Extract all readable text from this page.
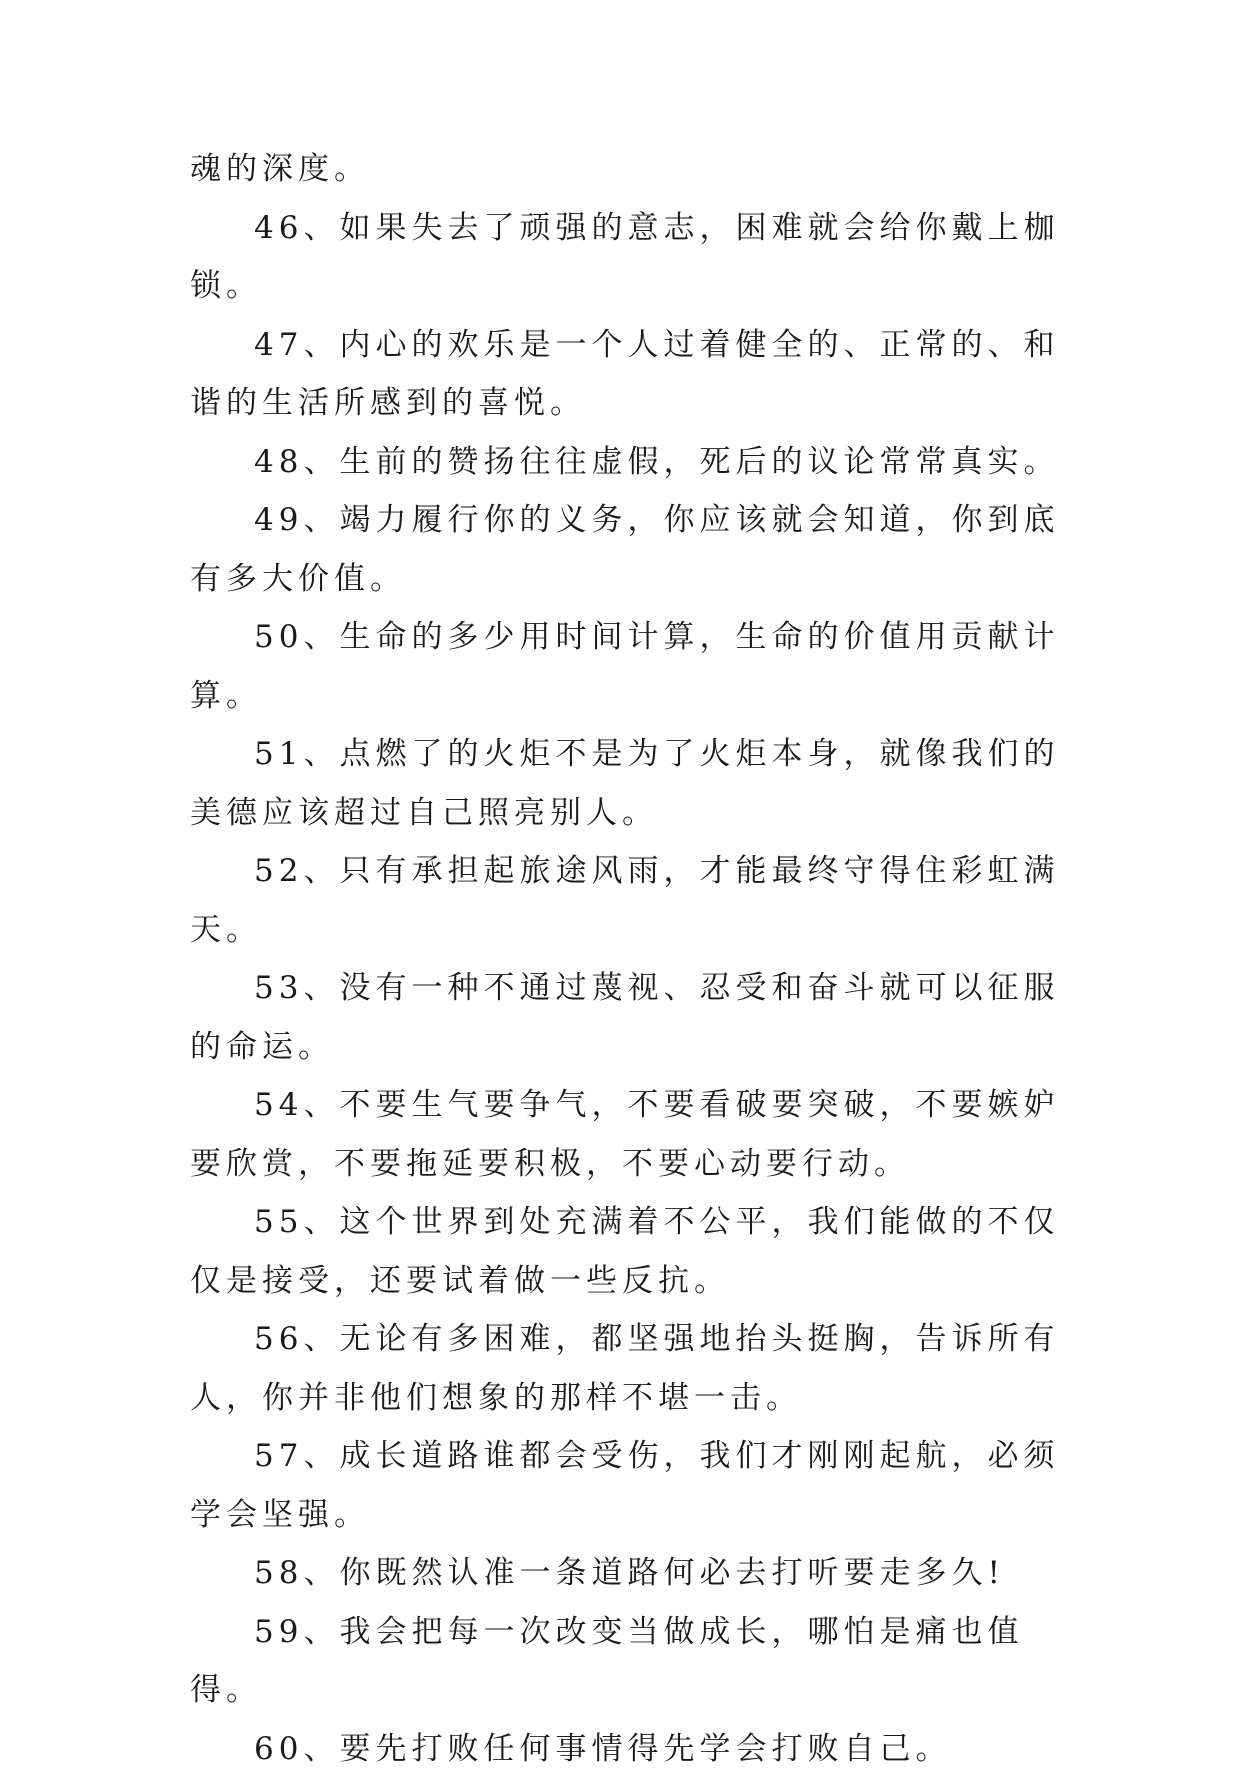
魂的深度。

46、如果失去了顽强的意志，困难就会给你戴上枷锁。

47、内心的欢乐是一个人过着健全的、正常的、和谐的生活所感到的喜悦。

48、生前的赞扬往往虚假，死后的议论常常真实。

49、竭力履行你的义务，你应该就会知道，你到底有多大价值。

50、生命的多少用时间计算，生命的价值用贡献计算。

51、点燃了的火炬不是为了火炬本身，就像我们的美德应该超过自己照亮别人。

52、只有承担起旅途风雨，才能最终守得住彩虹满天。

53、没有一种不通过蔑视、忍受和奋斗就可以征服的命运。

54、不要生气要争气，不要看破要突破，不要嫉妒要欣赏，不要拖延要积极，不要心动要行动。

55、这个世界到处充满着不公平，我们能做的不仅仅是接受，还要试着做一些反抗。

56、无论有多困难，都坚强地抬头挺胸，告诉所有人，你并非他们想象的那样不堪一击。

57、成长道路谁都会受伤，我们才刚刚起航，必须学会坚强。

58、你既然认准一条道路何必去打听要走多久!

59、我会把每一次改变当做成长，哪怕是痛也值得。

60、要先打败任何事情得先学会打败自己。
